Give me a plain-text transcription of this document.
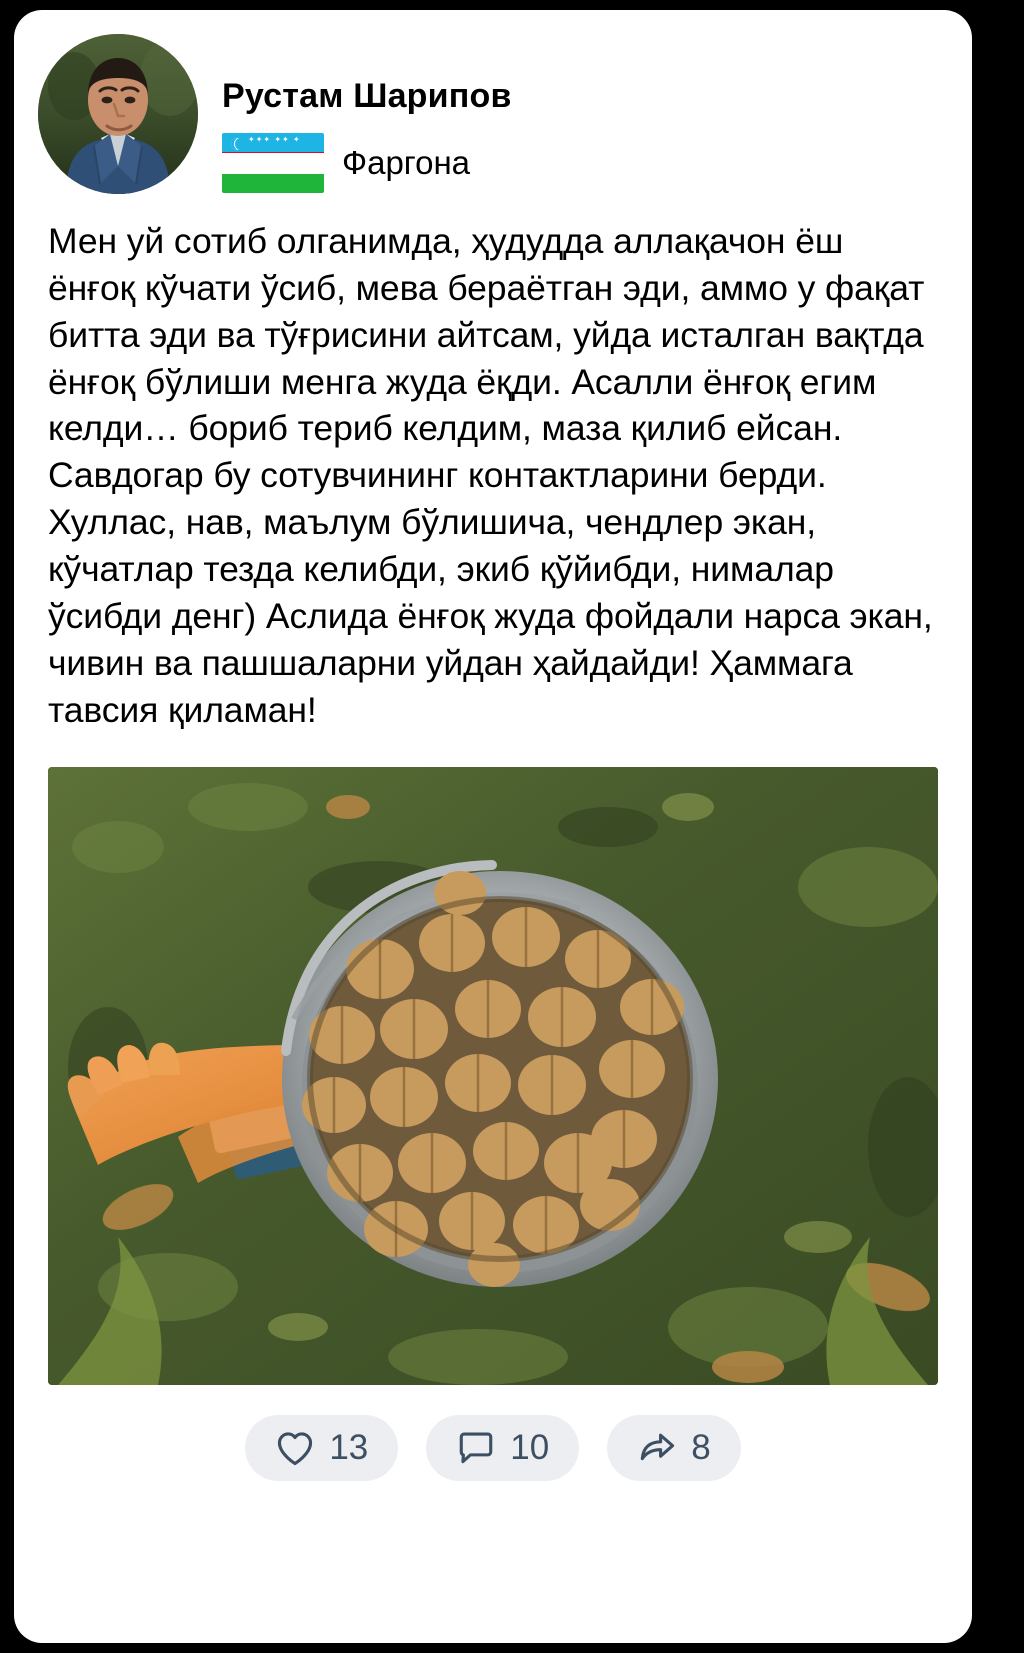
Рустам Шарипов
✦✦✦ ✦✦ ✦
Фаргона
Мен уй сотиб олганимда, ҳудудда аллақачон ёш ёнғоқ кўчати ўсиб, мева бераётган эди, аммо у фақат битта эди ва тўғрисини айтсам, уйда исталган вақтда ёнғоқ бўлиши менга жуда ёқди. Асалли ёнғоқ егим келди… бориб териб келдим, маза қилиб ейсан. Савдогар бу сотувчининг контактларини берди. Хуллас, нав, маълум бўлишича, чендлер экан, кўчатлар тезда келибди, экиб қўйибди, нималар ўсибди денг) Аслида ёнғоқ жуда фойдали нарса экан, чивин ва пашшаларни уйдан ҳайдайди! Ҳаммага тавсия қиламан!
13	10	8
